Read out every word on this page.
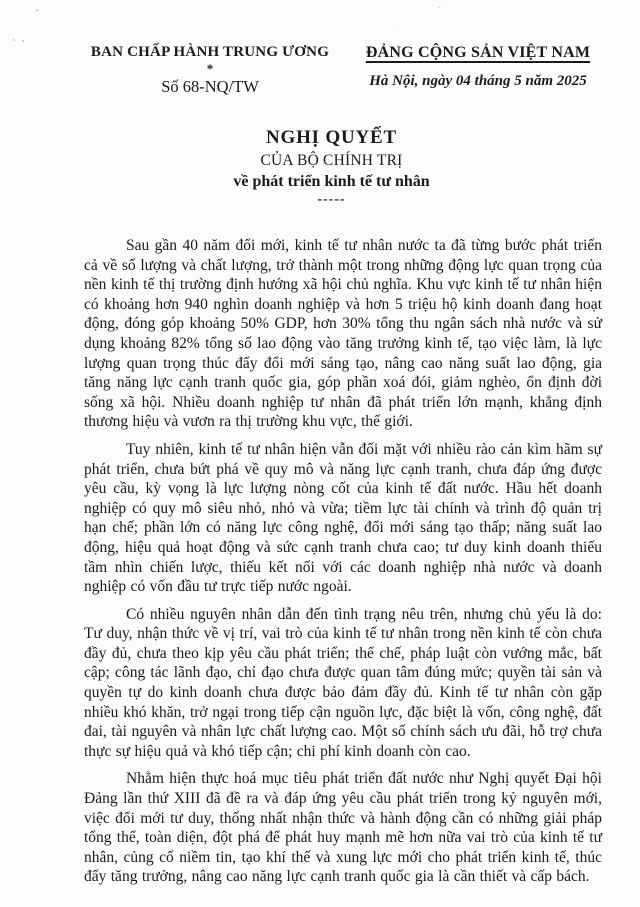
ˆ
ˋˋ
ˉ
·
BAN CHẤP HÀNH TRUNG ƯƠNG
*
Số 68-NQ/TW
ĐẢNG CỘNG SẢN VIỆT NAM
Hà Nội, ngày 04 tháng 5 năm 2025
NGHỊ QUYẾT
CỦA BỘ CHÍNH TRỊ
về phát triển kinh tế tư nhân
-----

Sau gần 40 năm đổi mới, kinh tế tư nhân nước ta đã từng bước phát triển cả về số lượng và chất lượng, trở thành một trong những động lực quan trọng của nền kinh tế thị trường định hướng xã hội chủ nghĩa. Khu vực kinh tế tư nhân hiện có khoảng hơn 940 nghìn doanh nghiệp và hơn 5 triệu hộ kinh doanh đang hoạt động, đóng góp khoảng 50% GDP, hơn 30% tổng thu ngân sách nhà nước và sử dụng khoảng 82% tổng số lao động vào tăng trưởng kinh tế, tạo việc làm, là lực lượng quan trọng thúc đẩy đổi mới sáng tạo, nâng cao năng suất lao động, gia tăng năng lực cạnh tranh quốc gia, góp phần xoá đói, giảm nghèo, ổn định đời sống xã hội. Nhiều doanh nghiệp tư nhân đã phát triển lớn mạnh, khẳng định thương hiệu và vươn ra thị trường khu vực, thế giới.

Tuy nhiên, kinh tế tư nhân hiện vẫn đối mặt với nhiều rào cản kìm hãm sự phát triển, chưa bứt phá về quy mô và năng lực cạnh tranh, chưa đáp ứng được yêu cầu, kỳ vọng là lực lượng nòng cốt của kinh tế đất nước. Hầu hết doanh nghiệp có quy mô siêu nhỏ, nhỏ và vừa; tiềm lực tài chính và trình độ quản trị hạn chế; phần lớn có năng lực công nghệ, đổi mới sáng tạo thấp; năng suất lao động, hiệu quả hoạt động và sức cạnh tranh chưa cao; tư duy kinh doanh thiếu tầm nhìn chiến lược, thiếu kết nối với các doanh nghiệp nhà nước và doanh nghiệp có vốn đầu tư trực tiếp nước ngoài.

Có nhiều nguyên nhân dẫn đến tình trạng nêu trên, nhưng chủ yếu là do: Tư duy, nhận thức về vị trí, vai trò của kinh tế tư nhân trong nền kinh tế còn chưa đầy đủ, chưa theo kịp yêu cầu phát triển; thể chế, pháp luật còn vướng mắc, bất cập; công tác lãnh đạo, chỉ đạo chưa được quan tâm đúng mức; quyền tài sản và quyền tự do kinh doanh chưa được bảo đảm đầy đủ. Kinh tế tư nhân còn gặp nhiều khó khăn, trở ngại trong tiếp cận nguồn lực, đặc biệt là vốn, công nghệ, đất đai, tài nguyên và nhân lực chất lượng cao. Một số chính sách ưu đãi, hỗ trợ chưa thực sự hiệu quả và khó tiếp cận; chi phí kinh doanh còn cao.

Nhằm hiện thực hoá mục tiêu phát triển đất nước như Nghị quyết Đại hội Đảng lần thứ XIII đã đề ra và đáp ứng yêu cầu phát triển trong kỷ nguyên mới, việc đổi mới tư duy, thống nhất nhận thức và hành động cần có những giải pháp tổng thể, toàn diện, đột phá để phát huy mạnh mẽ hơn nữa vai trò của kinh tế tư nhân, củng cố niềm tin, tạo khí thế và xung lực mới cho phát triển kinh tế, thúc đẩy tăng trưởng, nâng cao năng lực cạnh tranh quốc gia là cần thiết và cấp bách.
